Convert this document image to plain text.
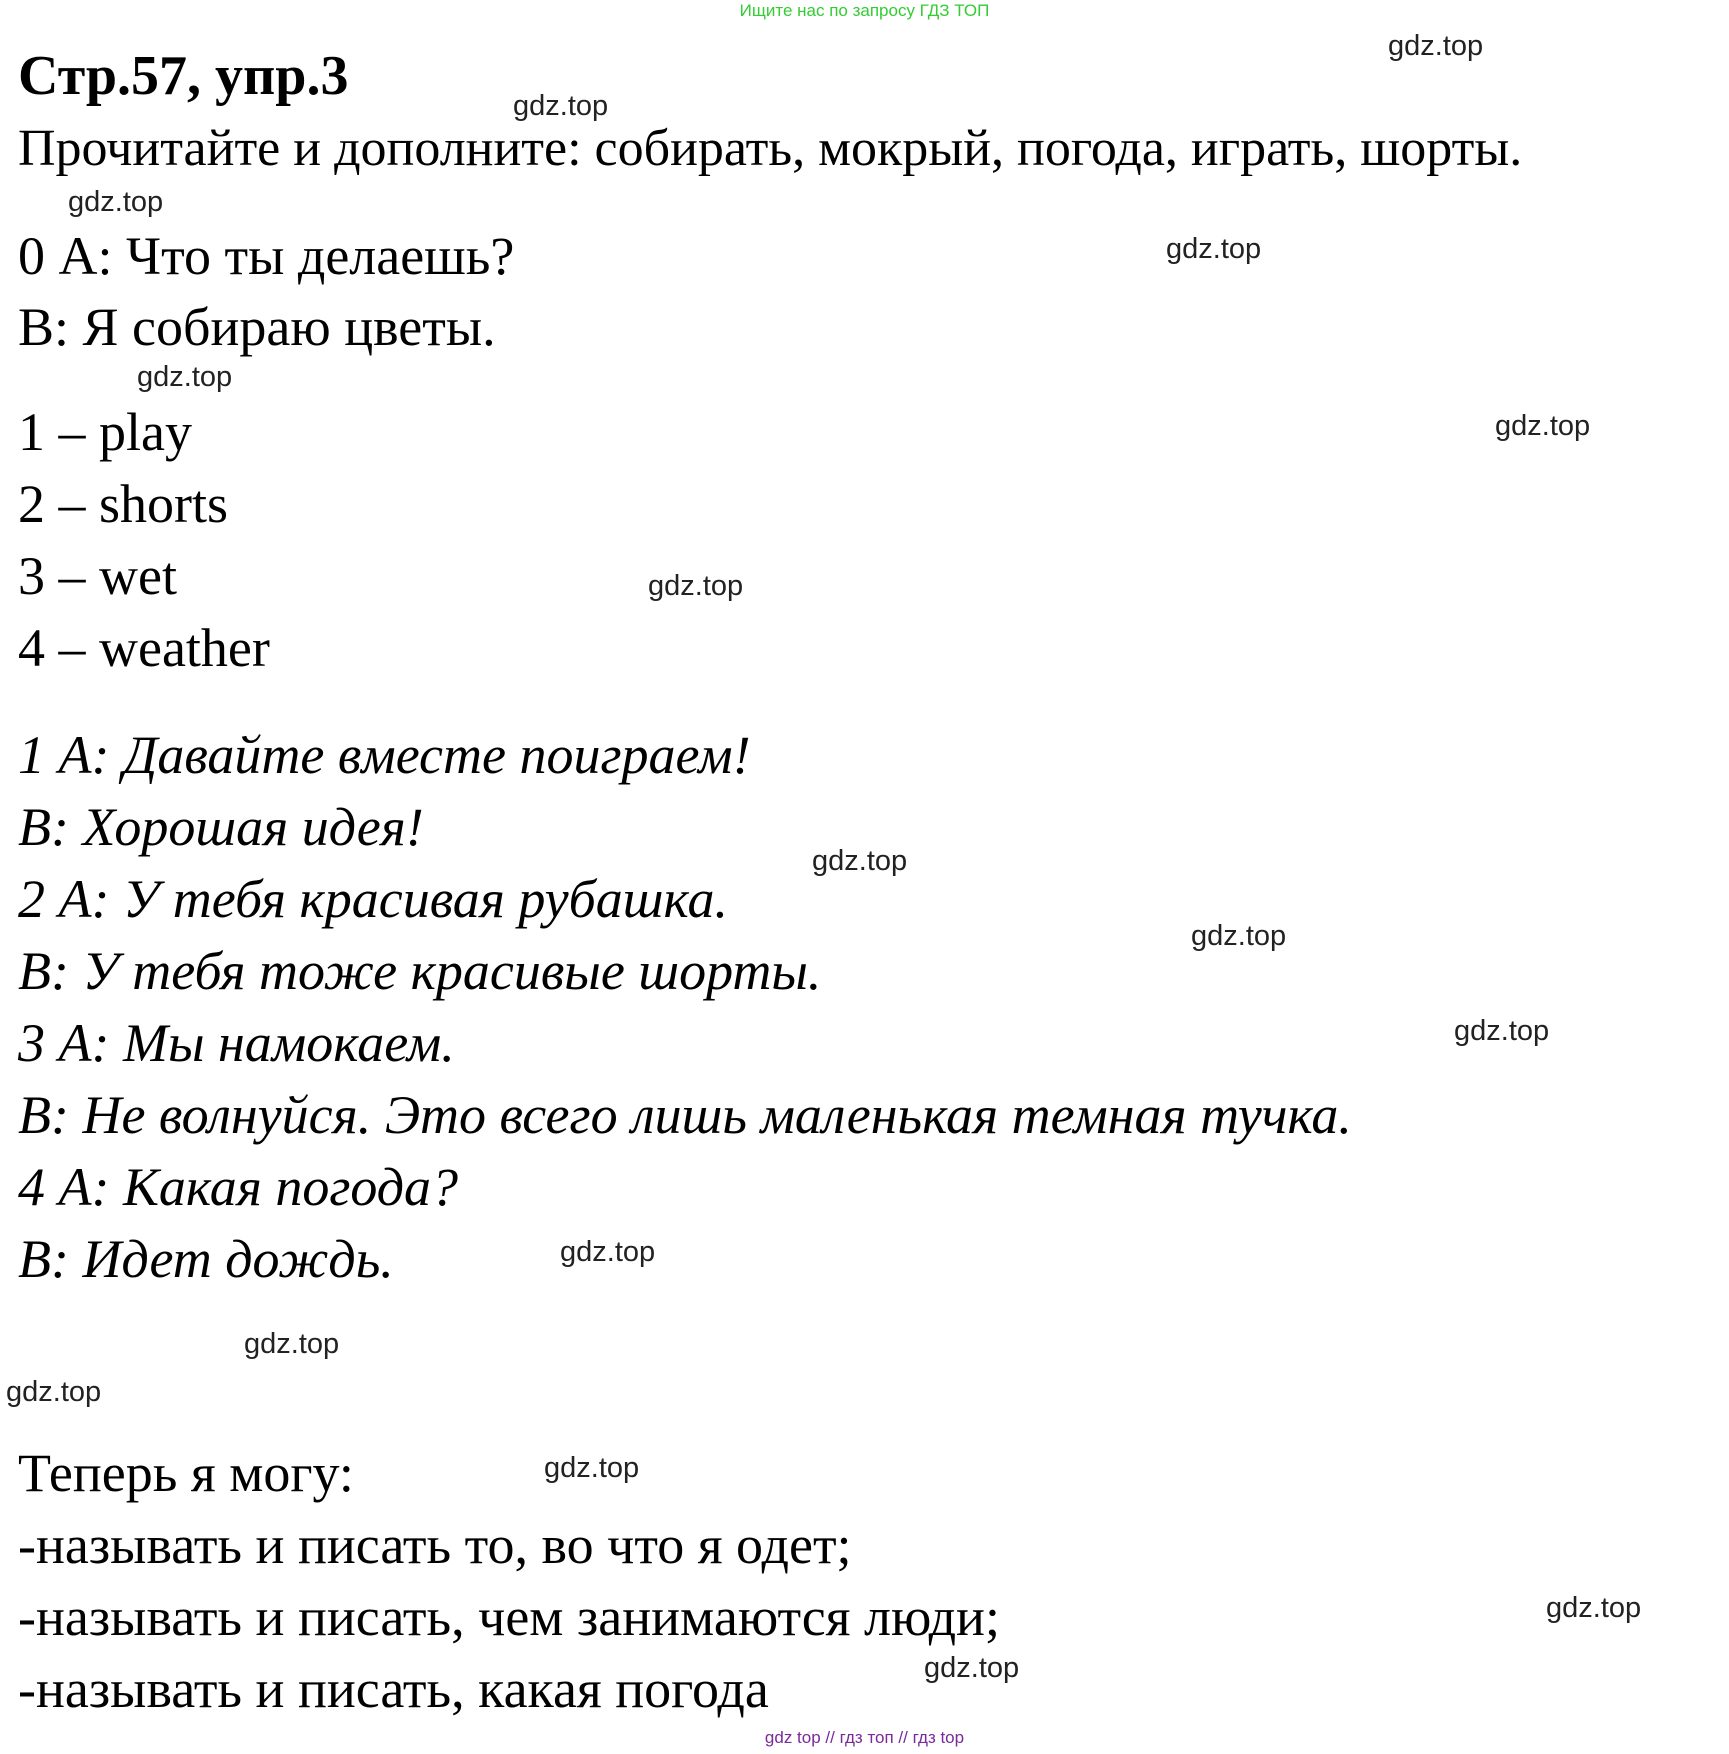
Ищите нас по запросу ГДЗ ТОП
Стр.57, упр.3
Прочитайте и дополните: собирать, мокрый, погода, играть, шорты.
0 А: Что ты делаешь?
В: Я собираю цветы.
1 – play
2 – shorts
3 – wet
4 – weather
1 А: Давайте вместе поиграем!
В: Хорошая идея!
2 А: У тебя красивая рубашка.
В: У тебя тоже красивые шорты.
3 А: Мы намокаем.
В: Не волнуйся. Это всего лишь маленькая темная тучка.
4 А: Какая погода?
В: Идет дождь.
Теперь я могу:
-называть и писать то, во что я одет;
-называть и писать, чем занимаются люди;
-называть и писать, какая погода
gdz.top
gdz.top
gdz.top
gdz.top
gdz.top
gdz.top
gdz.top
gdz.top
gdz.top
gdz.top
gdz.top
gdz.top
gdz.top
gdz.top
gdz.top
gdz.top
gdz top // гдз топ // гдз top
